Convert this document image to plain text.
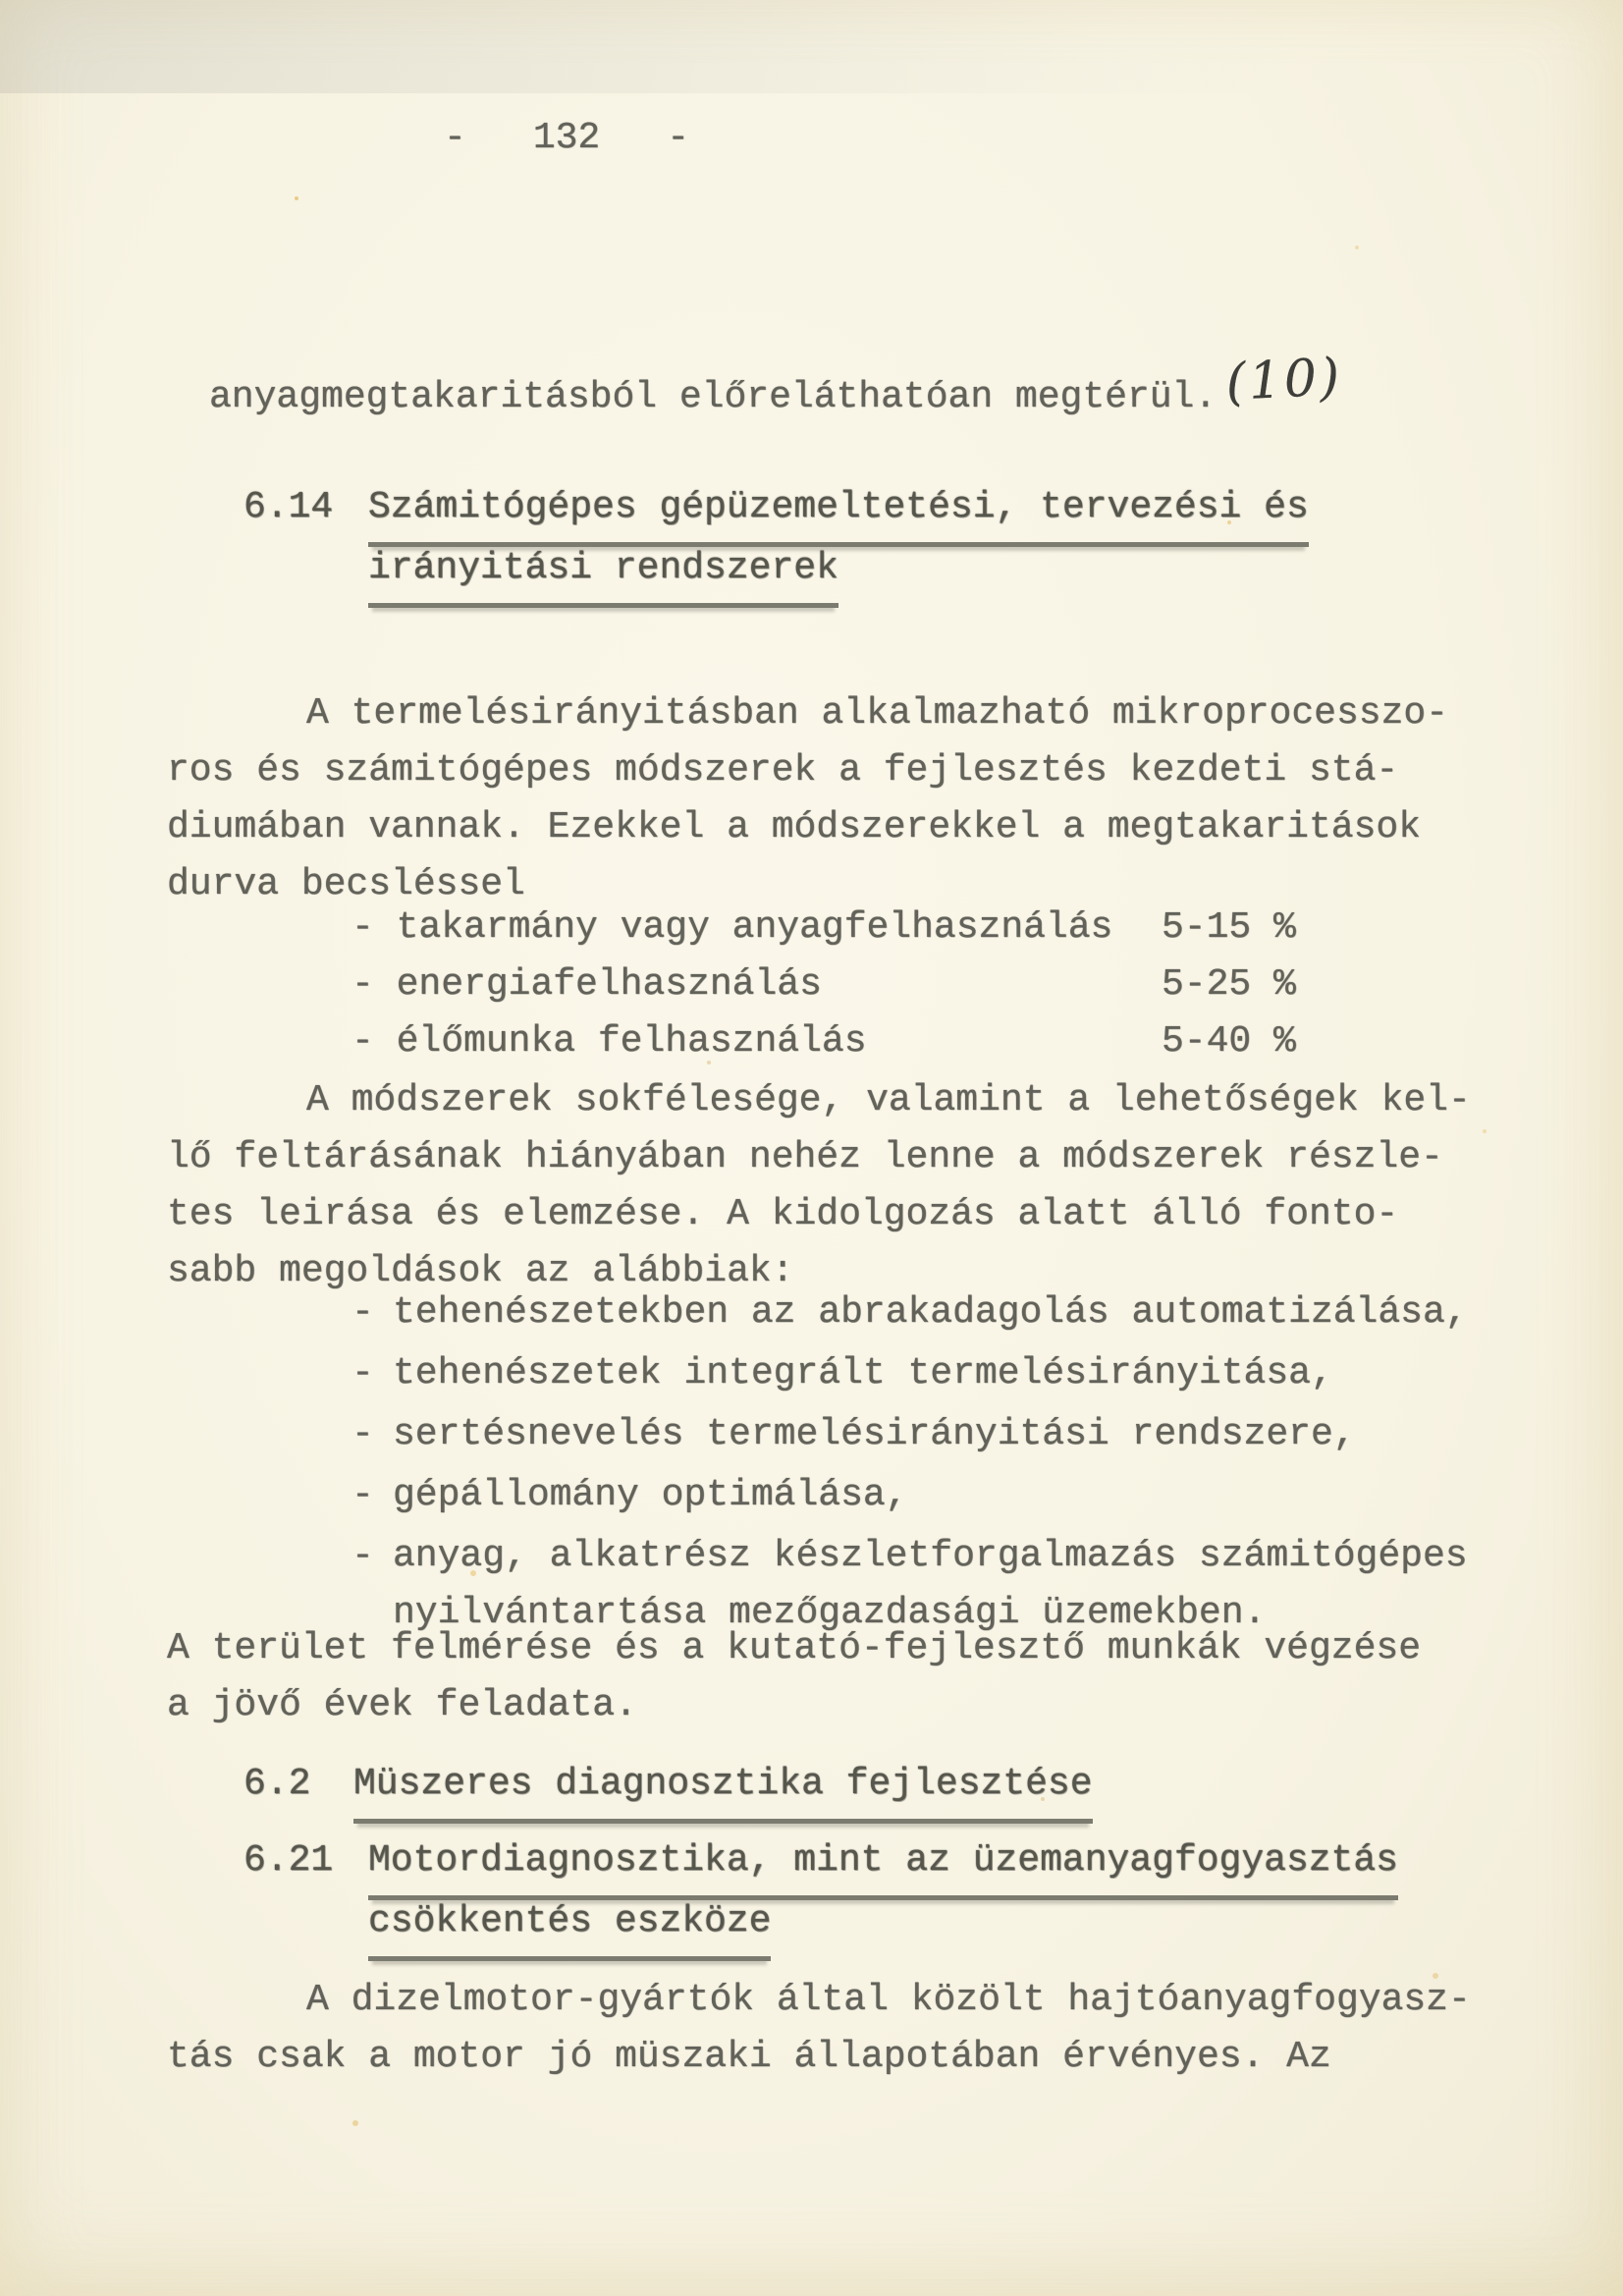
- 132 -
anyagmegtakaritásból előreláthatóan megtérül. (10)
6.14 Számitógépes gépüzemeltetési, tervezési és
irányitási rendszerek
A termelésirányitásban alkalmazható mikroprocesszo-
ros és számitógépes módszerek a fejlesztés kezdeti stá-
diumában vannak. Ezekkel a módszerekkel a megtakaritások
durva becsléssel
- takarmány vagy anyagfelhasználás 5-15 %
- energiafelhasználás	5-25 %
- élőmunka felhasználás	5-40 %
A módszerek sokfélesége, valamint a lehetőségek kel-
lő feltárásának hiányában nehéz lenne a módszerek részle-
tes leirása és elemzése. A kidolgozás alatt álló fonto-
sabb megoldások az alábbiak:
- tehenészetekben az abrakadagolás automatizálása,
- tehenészetek integrált termelésirányitása,
- sertésnevelés termelésirányitási rendszere,
- gépállomány optimálása,
- anyag, alkatrész készletforgalmazás számitógépes
nyilvántartása mezőgazdasági üzemekben.
A terület felmérése és a kutató-fejlesztő munkák végzése
a jövő évek feladata.
6.2 Müszeres diagnosztika fejlesztése
6.21 Motordiagnosztika, mint az üzemanyagfogyasztás
csökkentés eszköze
A dizelmotor-gyártók által közölt hajtóanyagfogyasz-
tás csak a motor jó müszaki állapotában érvényes. Az
